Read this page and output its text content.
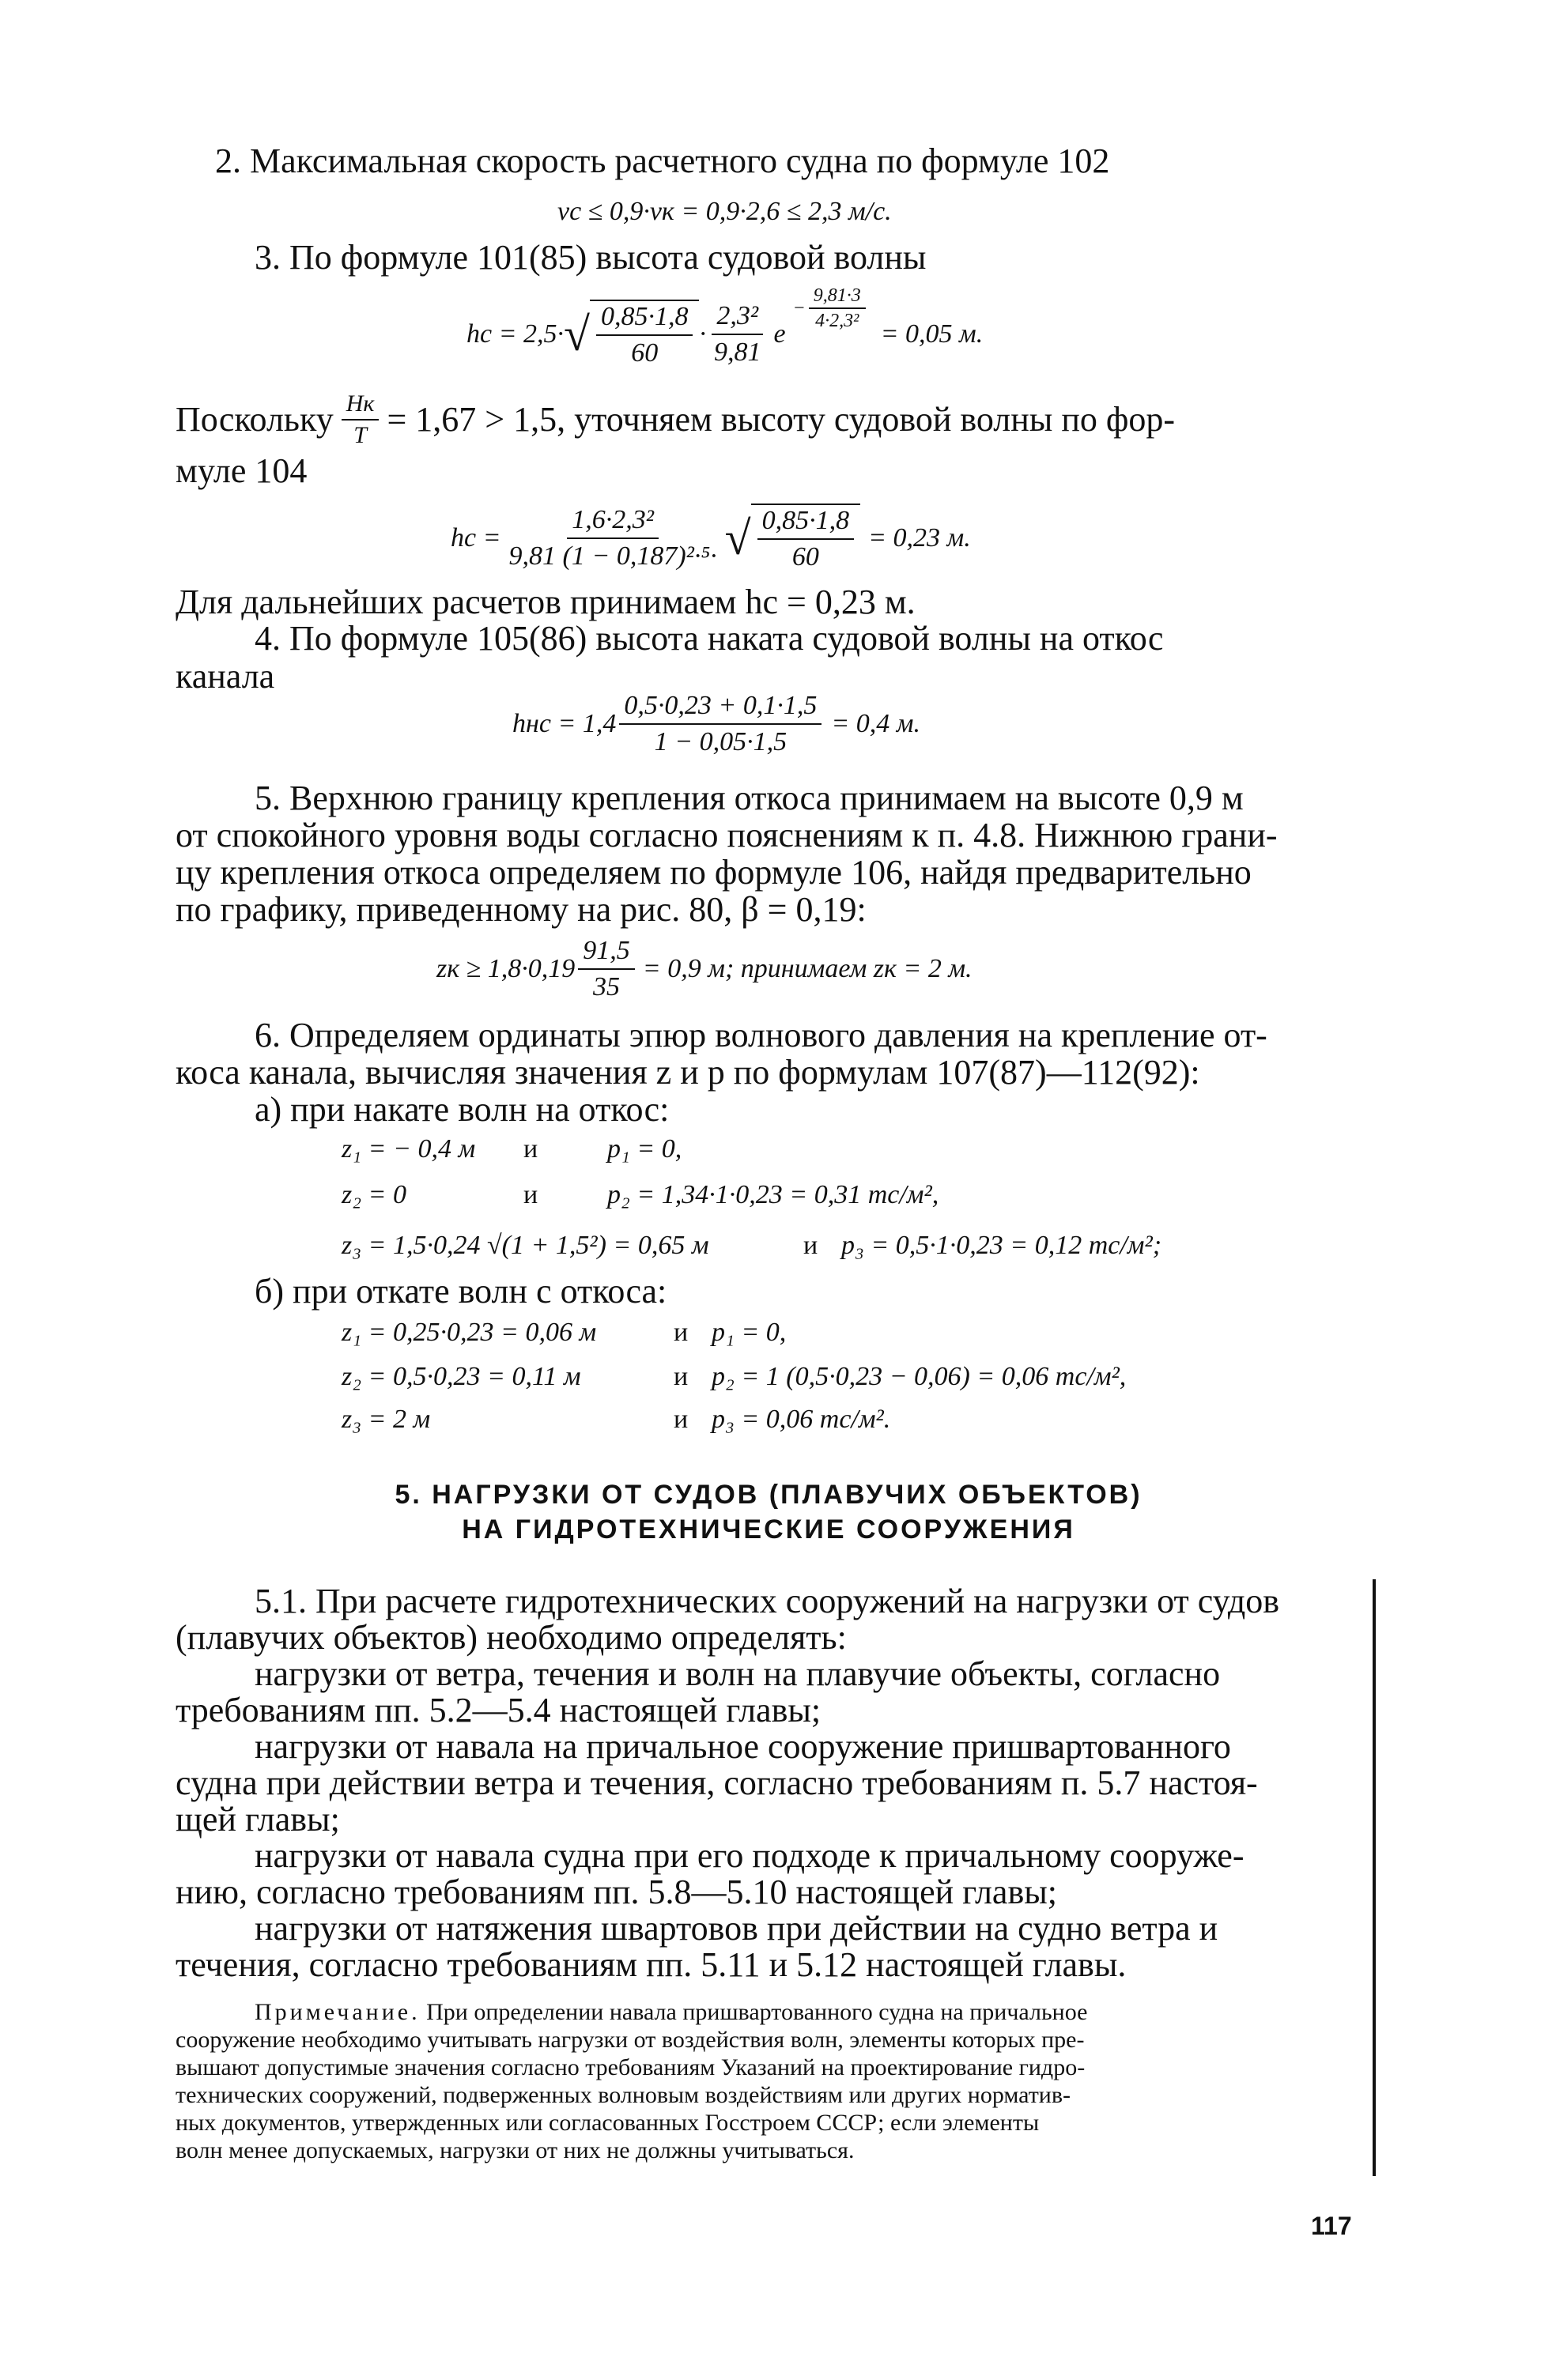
2. Максимальная скорость расчетного судна по формуле 102
vс ≤ 0,9·vк = 0,9·2,6 ≤ 2,3 м/с.
3. По формуле 101(85) высота судовой волны
hс = 2,5 · √ $\frac{0,85\cdot 1,8}{60} \cdot \frac{\text{2,3²}}{9,81}$ e
− $\frac{9,81\cdot 3}{\text{4·2,3²}}$
= 0,05 м.
Поскольку $\frac{Hк}{T} = 1,67 > 1,5$, уточняем высоту судовой волны по фор-
муле 104
hс = $\frac{\text{1,6·2,3²}}{\text{9,81 (1 − 0,187)²·⁵·}}$ √ $\frac{0,85\cdot 1,8}{60} = 0,23$ м.
Для дальнейших расчетов принимаем hс = 0,23 м.
4. По формуле 105(86) высота наката судовой волны на откос
канала
hнс = $1,4 \frac{0,5\cdot 0,23 + 0,1\cdot 1,5}{1 - 0,05\cdot 1,5} = 0,4$ м.
5. Верхнюю границу крепления откоса принимаем на высоте 0,9 м
от спокойного уровня воды согласно пояснениям к п. 4.8. Нижнюю грани-
цу крепления откоса определяем по формуле 106, найдя предварительно
по графику, приведенному на рис. 80, β = 0,19:
zк ≥ $1,8\cdot 0,19 \frac{91,5}{35} = 0,9$ м; принимаем zк = 2 м.
6. Определяем ординаты эпюр волнового давления на крепление от-
коса канала, вычисляя значения z и p по формулам 107(87)—112(92):
а) при накате волн на откос:
z₁ = − 0,4 м и	p₁ = 0,
z₂ = 0	и	p₂ = 1,34·1·0,23 = 0,31 тс/м²,
z₃ = 1,5·0,24 √(1 + 1,5²) = 0,65 м	и p₃ = 0,5·1·0,23 = 0,12 тс/м²;
б) при откате волн с откоса:
z₁ = 0,25·0,23 = 0,06 м	и p₁ = 0,
z₂ = 0,5·0,23 = 0,11 м	и p₂ = 1 (0,5·0,23 − 0,06) = 0,06 тс/м²,
z₃ = 2 м	и p₃ = 0,06 тс/м².
5. НАГРУЗКИ ОТ СУДОВ (ПЛАВУЧИХ ОБЪЕКТОВ)
НА ГИДРОТЕХНИЧЕСКИЕ СООРУЖЕНИЯ
5.1. При расчете гидротехнических сооружений на нагрузки от судов
(плавучих объектов) необходимо определять:
нагрузки от ветра, течения и волн на плавучие объекты, согласно
требованиям пп. 5.2—5.4 настоящей главы;
нагрузки от навала на причальное сооружение пришвартованного
судна при действии ветра и течения, согласно требованиям п. 5.7 настоя-
щей главы;
нагрузки от навала судна при его подходе к причальному сооруже-
нию, согласно требованиям пп. 5.8—5.10 настоящей главы;
нагрузки от натяжения швартовов при действии на судно ветра и
течения, согласно требованиям пп. 5.11 и 5.12 настоящей главы.
Примечание. При определении навала пришвартованного судна на причальное
сооружение необходимо учитывать нагрузки от воздействия волн, элементы которых пре-
вышают допустимые значения согласно требованиям Указаний на проектирование гидро-
технических сооружений, подверженных волновым воздействиям или других норматив-
ных документов, утвержденных или согласованных Госстроем СССР; если элементы
волн менее допускаемых, нагрузки от них не должны учитываться.
117
